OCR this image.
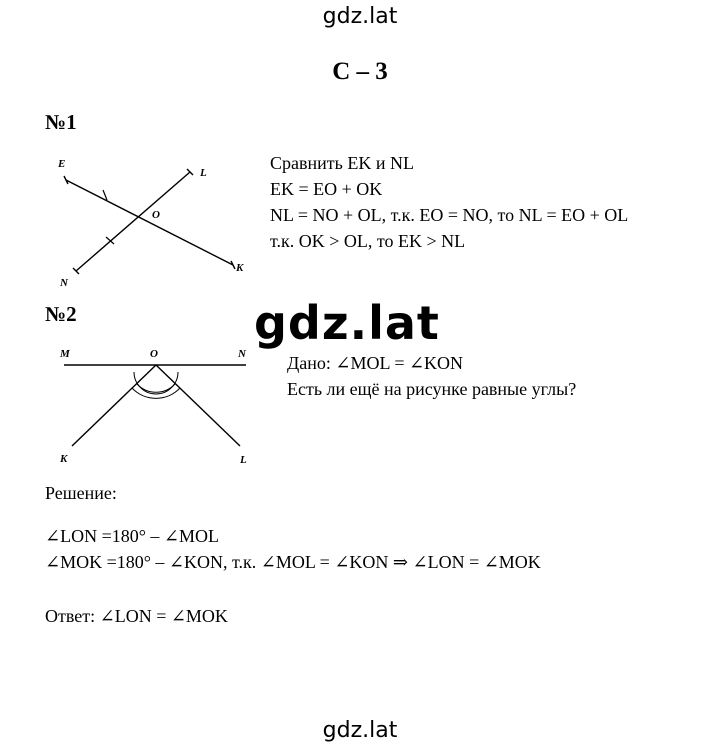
gdz.lat
С – 3
№1
E
L
O
N
K
Сравнить EK и NL
EK = EO + OK
NL = NO + OL, т.к. EO = NO, то NL = EO + OL
т.к. OK > OL, то EK > NL
№2
M	O	N
K	L
Дано: ∠MOL = ∠KON
Есть ли ещё на рисунке равные углы?
Решение:
∠LON =180° – ∠MOL
∠MOK =180° – ∠KON, т.к. ∠MOL = ∠KON ⇒ ∠LON = ∠MOK
Ответ: ∠LON = ∠MOK
gdz.lat
gdz.lat
